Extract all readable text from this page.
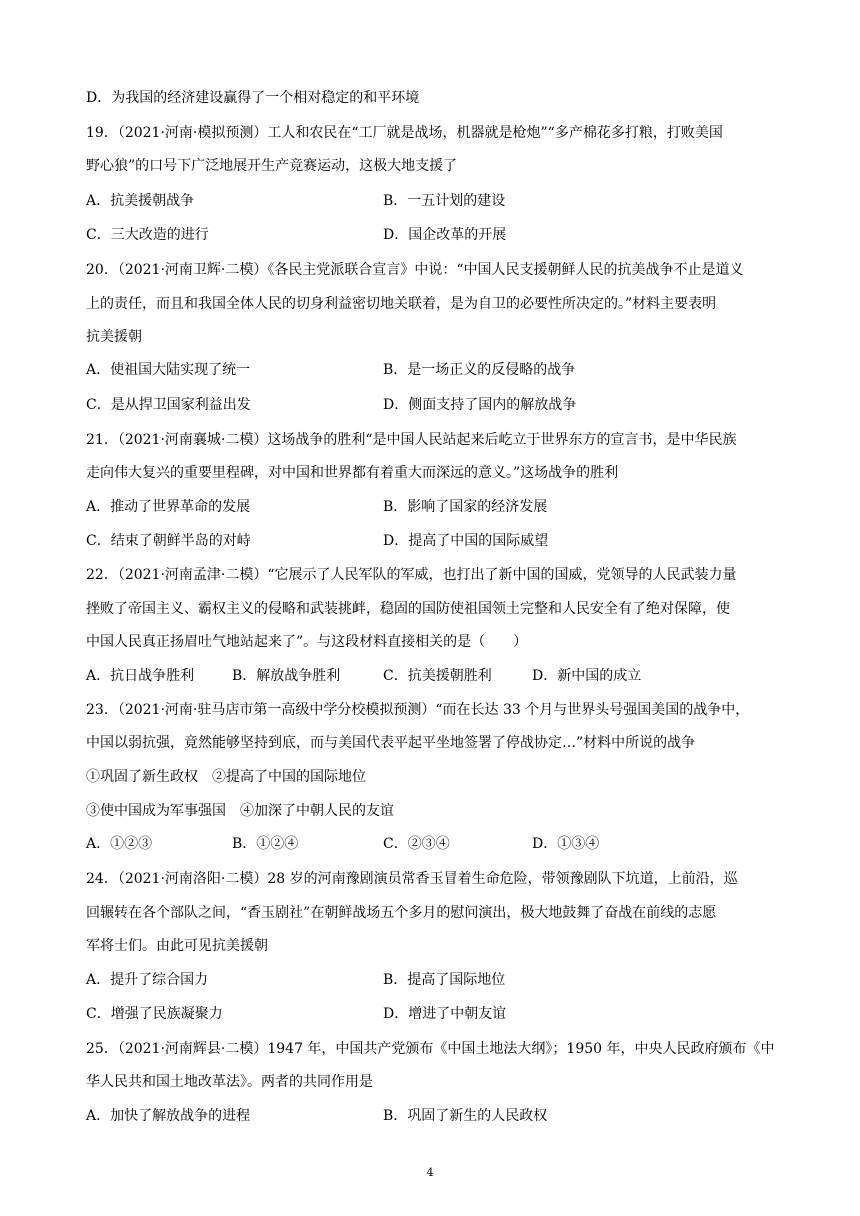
D．为我国的经济建设赢得了一个相对稳定的和平环境
19．（2021·河南·模拟预测）工人和农民在“工厂就是战场，机器就是枪炮”“多产棉花多打粮，打败美国
野心狼”的口号下广泛地展开生产竞赛运动，这极大地支援了
A．抗美援朝战争	B．一五计划的建设
C．三大改造的进行	D．国企改革的开展
20．（2021·河南卫辉·二模）《各民主党派联合宣言》中说：“中国人民支援朝鲜人民的抗美战争不止是道义
上的责任，而且和我国全体人民的切身利益密切地关联着，是为自卫的必要性所决定的。”材料主要表明
抗美援朝
A．使祖国大陆实现了统一	B．是一场正义的反侵略的战争
C．是从捍卫国家利益出发	D．侧面支持了国内的解放战争
21．（2021·河南襄城·二模）这场战争的胜利“是中国人民站起来后屹立于世界东方的宣言书，是中华民族
走向伟大复兴的重要里程碑，对中国和世界都有着重大而深远的意义。”这场战争的胜利
A．推动了世界革命的发展	B．影响了国家的经济发展
C．结束了朝鲜半岛的对峙	D．提高了中国的国际威望
22．（2021·河南孟津·二模）“它展示了人民军队的军威，也打出了新中国的国威，党领导的人民武装力量
挫败了帝国主义、霸权主义的侵略和武装挑衅，稳固的国防使祖国领土完整和人民安全有了绝对保障，使
中国人民真正扬眉吐气地站起来了”。与这段材料直接相关的是（　　）
A．抗日战争胜利	B．解放战争胜利	C．抗美援朝胜利	D．新中国的成立
23．（2021·河南·驻马店市第一高级中学分校模拟预测）“而在长达 33 个月与世界头号强国美国的战争中，
中国以弱抗强，竟然能够坚持到底，而与美国代表平起平坐地签署了停战协定…”材料中所说的战争
①巩固了新生政权　②提高了中国的国际地位
③使中国成为军事强国　④加深了中朝人民的友谊
A．①②③	B．①②④	C．②③④	D．①③④
24．（2021·河南洛阳·二模）28 岁的河南豫剧演员常香玉冒着生命危险，带领豫剧队下坑道，上前沿，巡
回辗转在各个部队之间，“香玉剧社”在朝鲜战场五个多月的慰问演出，极大地鼓舞了奋战在前线的志愿
军将士们。由此可见抗美援朝
A．提升了综合国力	B．提高了国际地位
C．增强了民族凝聚力	D．增进了中朝友谊
25．（2021·河南辉县·二模）1947 年，中国共产党颁布《中国土地法大纲》；1950 年，中央人民政府颁布《中
华人民共和国土地改革法》。两者的共同作用是
A．加快了解放战争的进程	B．巩固了新生的人民政权
4
